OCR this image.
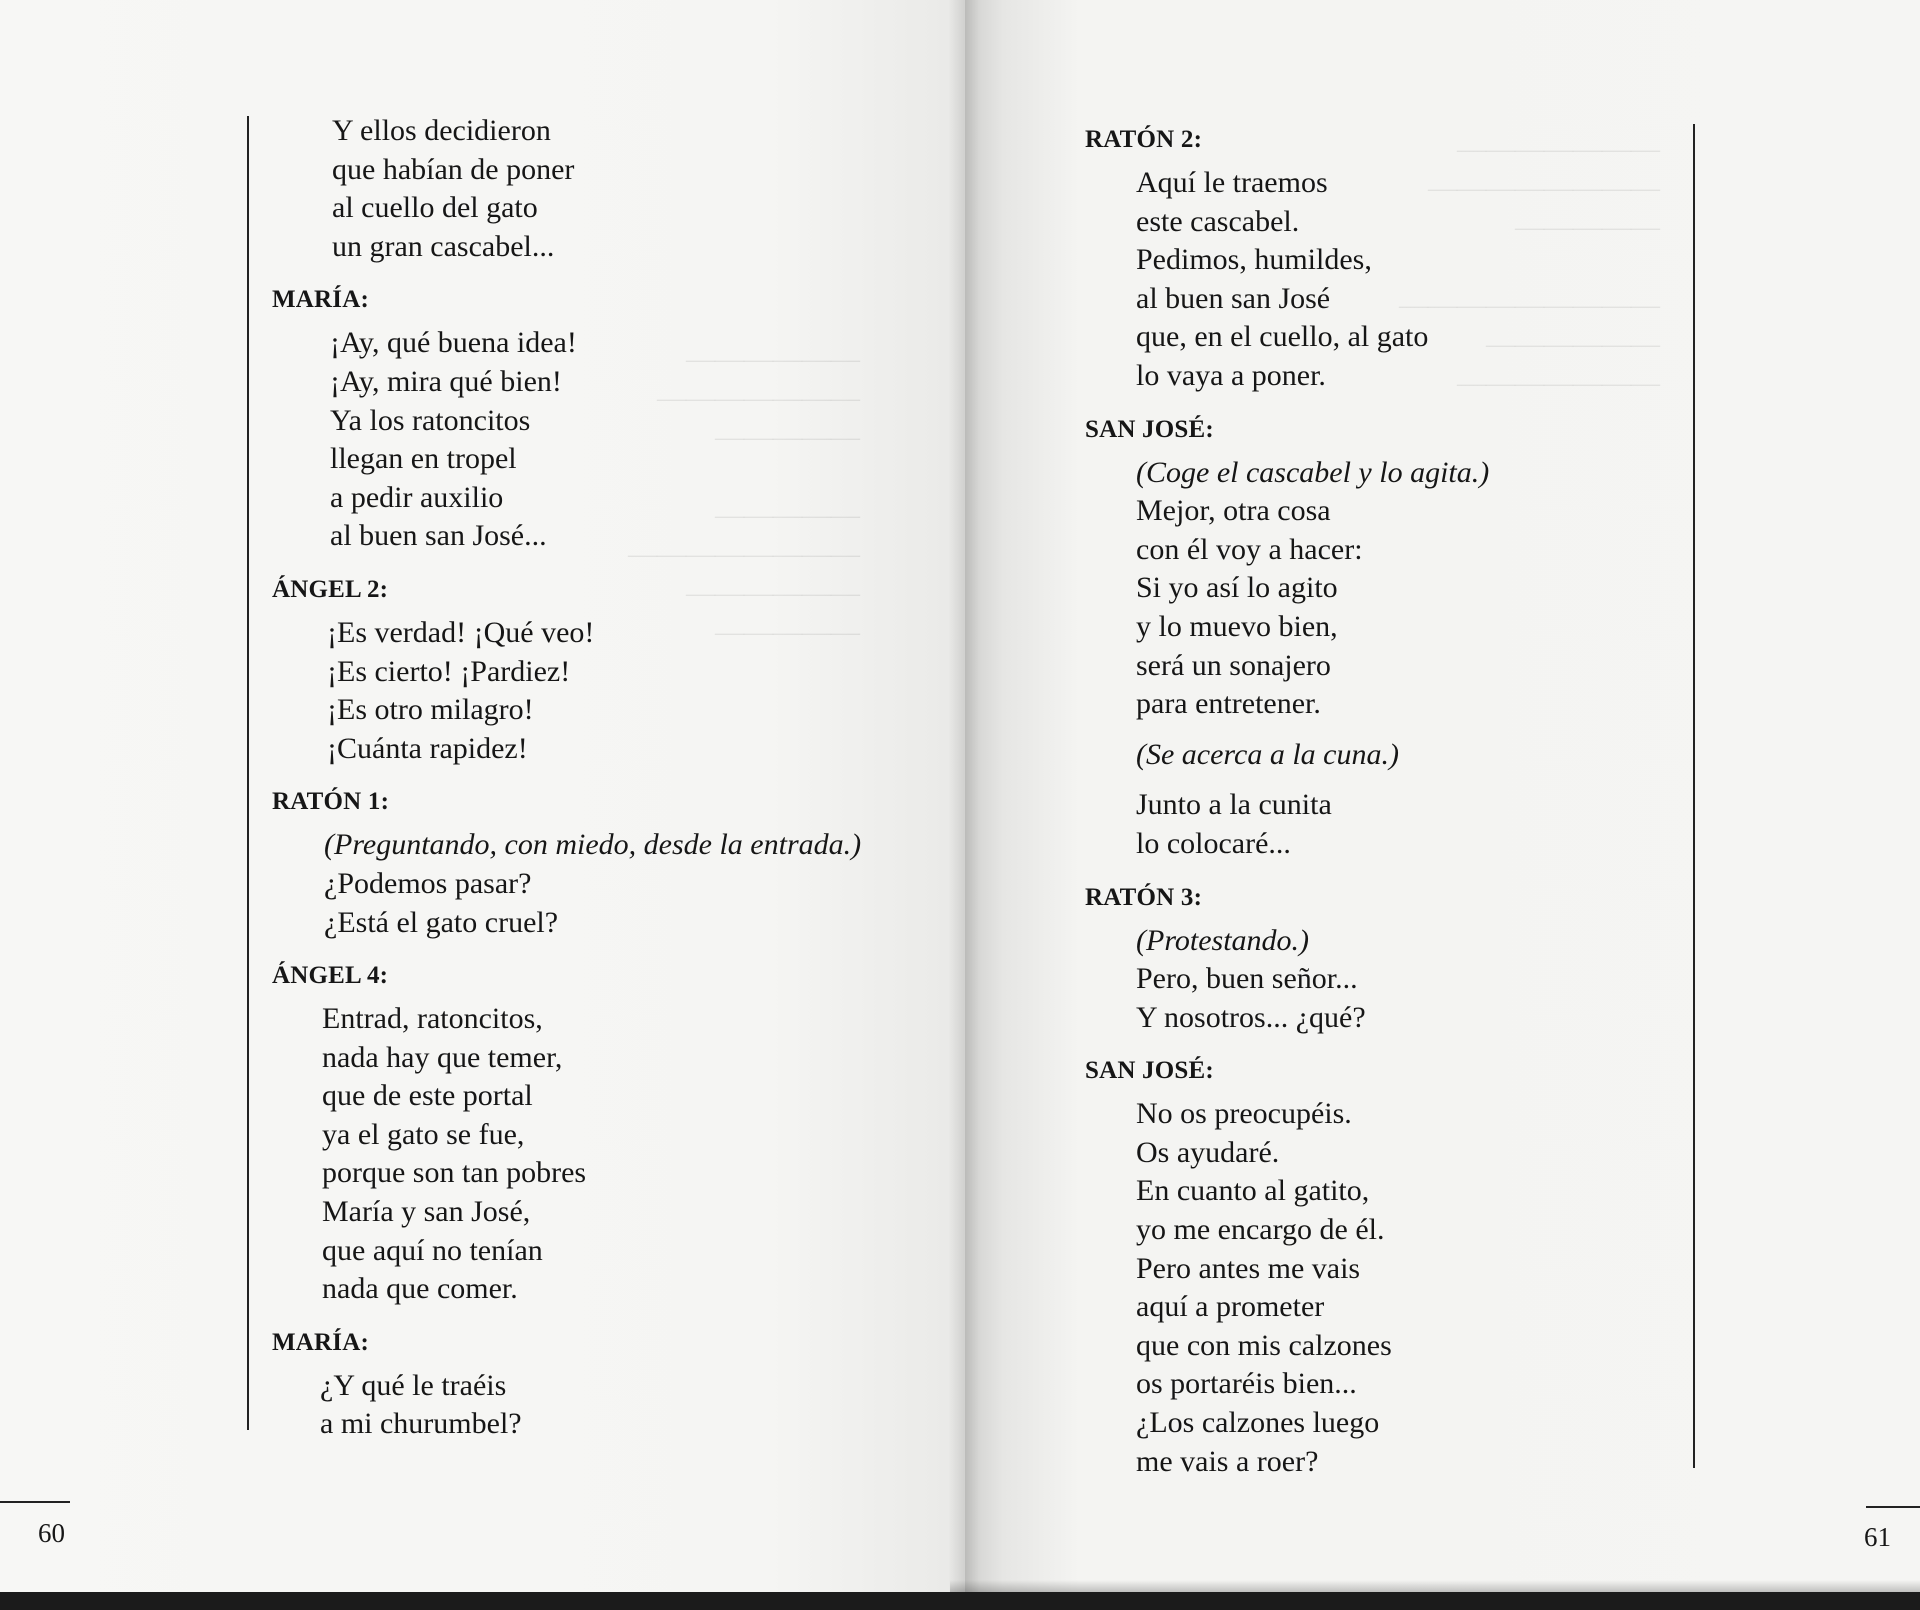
60	61
Y ellos decidieron
que habían de poner
al cuello del gato
un gran cascabel...
MARÍA:
¡Ay, qué buena idea!
¡Ay, mira qué bien!
Ya los ratoncitos
llegan en tropel
a pedir auxilio
al buen san José...
ÁNGEL 2:
¡Es verdad! ¡Qué veo!
¡Es cierto! ¡Pardiez!
¡Es otro milagro!
¡Cuánta rapidez!
RATÓN 1:
(Preguntando, con miedo, desde la entrada.)
¿Podemos pasar?
¿Está el gato cruel?
ÁNGEL 4:
Entrad, ratoncitos,
nada hay que temer,
que de este portal
ya el gato se fue,
porque son tan pobres
María y san José,
que aquí no tenían
nada que comer.
MARÍA:
¿Y qué le traéis
a mi churumbel?
RATÓN 2:
Aquí le traemos
este cascabel.
Pedimos, humildes,
al buen san José
que, en el cuello, al gato
lo vaya a poner.
SAN JOSÉ:
(Coge el cascabel y lo agita.)
Mejor, otra cosa
con él voy a hacer:
Si yo así lo agito
y lo muevo bien,
será un sonajero
para entretener.
(Se acerca a la cuna.)
Junto a la cunita
lo colocaré...
RATÓN 3:
(Protestando.)
Pero, buen señor...
Y nosotros... ¿qué?
SAN JOSÉ:
No os preocupéis.
Os ayudaré.
En cuanto al gatito,
yo me encargo de él.
Pero antes me vais
aquí a prometer
que con mis calzones
os portaréis bien...
¿Los calzones luego
me vais a roer?
